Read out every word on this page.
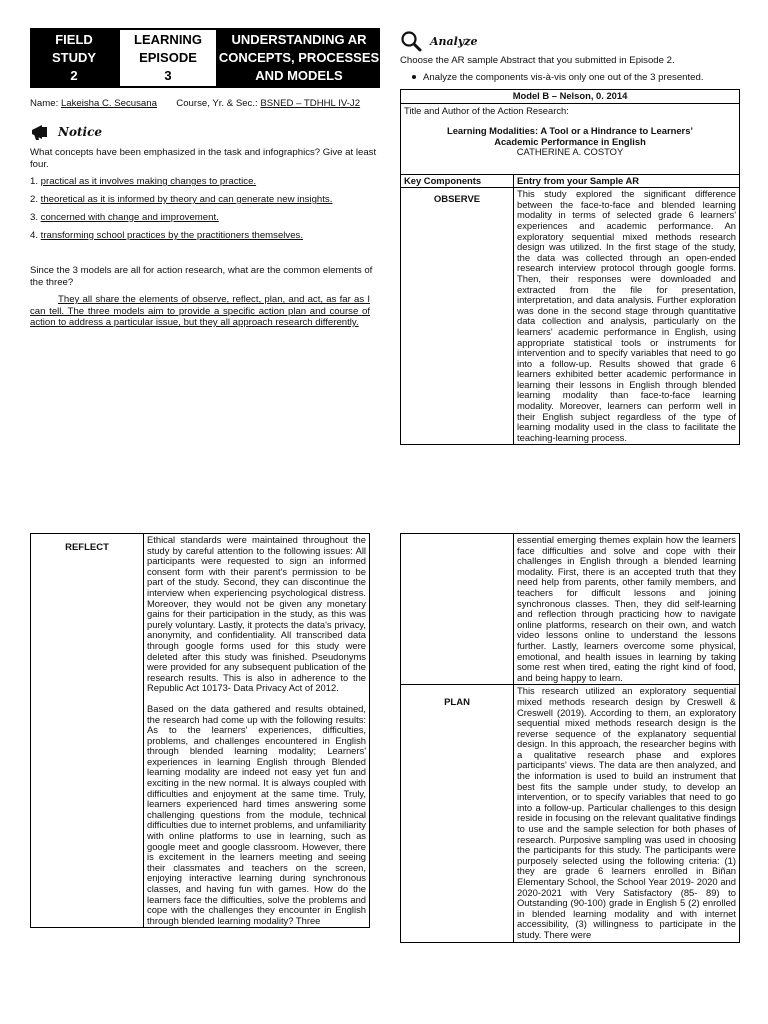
FIELD
STUDY
2
LEARNING
EPISODE
3
UNDERSTANDING AR
CONCEPTS, PROCESSES
AND MODELS
Name: Lakeisha C. Secusana Course, Yr. & Sec.: BSNED – TDHHL IV-J2
Notice
What concepts have been emphasized in the task and infographics? Give at least four.
1. practical as it involves making changes to practice.
2. theoretical as it is informed by theory and can generate new insights.
3. concerned with change and improvement.
4. transforming school practices by the practitioners themselves.
Since the 3 models are all for action research, what are the common elements of the three?
They all share the elements of observe, reflect, plan, and act, as far as I can tell. The three models aim to provide a specific action plan and course of action to address a particular issue, but they all approach research differently.
Analyze
Choose the AR sample Abstract that you submitted in Episode 2.
Analyze the components vis-à-vis only one out of the 3 presented.
Model B – Nelson, 0. 2014	

Title and Author of the Action Research:
Learning Modalities: A Tool or a Hindrance to Learners’ Academic Performance in English
CATHERINE A. COSTOY	

Key Components	Entry from your Sample AR
OBSERVE	This study explored the significant difference between the face-to-face and blended learning modality in terms of selected grade 6 learners' experiences and academic performance. An exploratory sequential mixed methods research design was utilized. In the first stage of the study, the data was collected through an open-ended research interview protocol through google forms. Then, their responses were downloaded and extracted from the file for presentation, interpretation, and data analysis. Further exploration was done in the second stage through quantitative data collection and analysis, particularly on the learners' academic performance in English, using appropriate statistical tools or instruments for intervention and to specify variables that need to go into a follow-up. Results showed that grade 6 learners exhibited better academic performance in learning their lessons in English through blended learning modality than face-to-face learning modality. Moreover, learners can perform well in their English subject regardless of the type of learning modality used in the class to facilitate the teaching-learning process.
REFLECT	
Ethical standards were maintained throughout the study by careful attention to the following issues: All participants were requested to sign an informed consent form with their parent's permission to be part of the study. Second, they can discontinue the interview when experiencing psychological distress. Moreover, they would not be given any monetary gains for their participation in the study, as this was purely voluntary. Lastly, it protects the data's privacy, anonymity, and confidentiality. All transcribed data through google forms used for this study were deleted after this study was finished. Pseudonyms were provided for any subsequent publication of the research results. This is also in adherence to the Republic Act 10173- Data Privacy Act of 2012.
Based on the data gathered and results obtained, the research had come up with the following results: As to the learners' experiences, difficulties, problems, and challenges encountered in English through blended learning modality; Learners' experiences in learning English through Blended learning modality are indeed not easy yet fun and exciting in the new normal. It is always coupled with difficulties and enjoyment at the same time. Truly, learners experienced hard times answering some challenging questions from the module, technical difficulties due to internet problems, and unfamiliarity with online platforms to use in learning, such as google meet and google classroom. However, there is excitement in the learners meeting and seeing their classmates and teachers on the screen, enjoying interactive learning during synchronous classes, and having fun with games. How do the learners face the difficulties, solve the problems and cope with the challenges they encounter in English through blended learning modality? Three
	essential emerging themes explain how the learners face difficulties and solve and cope with their challenges in English through a blended learning modality. First, there is an accepted truth that they need help from parents, other family members, and teachers for difficult lessons and joining synchronous classes. Then, they did self-learning and reflection through practicing how to navigate online platforms, research on their own, and watch video lessons online to understand the lessons further. Lastly, learners overcome some physical, emotional, and health issues in learning by taking some rest when tired, eating the right kind of food, and being happy to learn.
PLAN	This research utilized an exploratory sequential mixed methods research design by Creswell & Creswell (2019). According to them, an exploratory sequential mixed methods research design is the reverse sequence of the explanatory sequential design. In this approach, the researcher begins with a qualitative research phase and explores participants' views. The data are then analyzed, and the information is used to build an instrument that best fits the sample under study, to develop an intervention, or to specify variables that need to go into a follow-up. Particular challenges to this design reside in focusing on the relevant qualitative findings to use and the sample selection for both phases of research. Purposive sampling was used in choosing the participants for this study. The participants were purposely selected using the following criteria: (1) they are grade 6 learners enrolled in Biñan Elementary School, the School Year 2019- 2020 and 2020-2021 with Very Satisfactory (85- 89) to Outstanding (90-100) grade in English 5 (2) enrolled in blended learning modality and with internet accessibility, (3) willingness to participate in the study. There were
